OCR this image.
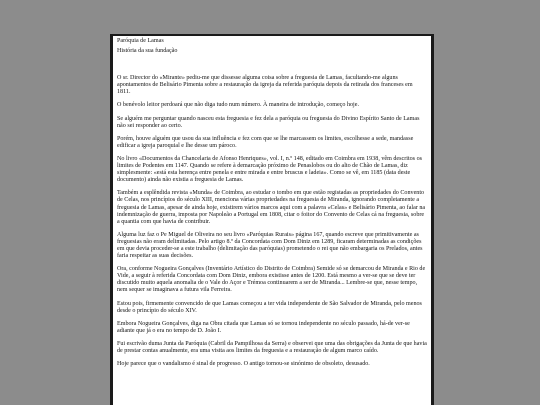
Paróquia de Lamas

História da sua fundação

O sr. Director do «Mirante» pediu-me que dissesse alguma coisa sobre a freguesia de Lamas, facultando-me alguns apontamentos de Belisário Pimenta sobre a restauração da igreja da referida paróquia depois da retirada dos franceses em 1811.

O benévolo leitor perdoará que não diga tudo num número. À maneira de introdução, começo hoje.

Se alguém me perguntar quando nasceu esta freguesia e fez dela a paróquia ou freguesia do Divino Espírito Santo de Lamas não sei responder ao certo.

Porém, houve alguém que usou da sua influência e fez com que se lhe marcassem os limites, escolhesse a sede, mandasse edificar a igreja paroquial e lhe desse um pároco.

No livro «Documentos da Chancelaria de Afonso Henriques», vol. I, n.º 148, editado em Coimbra em 1938, vêm descritos os limites de Podentes em 1147. Quando se refere à demarcação próximo de Penaslobos ou do alto de Chão de Lamas, diz simplesmente: «está esta herença entre penela e entre mirada e entre bruscus e ladeia». Como se vê, em 1185 (data deste documento) ainda não existia a freguesia de Lamas.

Também a esplêndida revista «Munda» de Coimbra, ao estudar o tombo em que estão registadas as propriedades do Convento de Celas, nos princípios do século XIII, menciona várias propriedades na freguesia de Miranda, ignorando completamente a freguesia de Lamas, apesar de ainda hoje, existirem vários marcos aqui com a palavra «Celas» e Belisário Pimenta, ao falar na indemnização de guerra, imposta por Napoleão a Portugal em 1808, citar o foitor do Convento de Celas cá na freguesia, sobre a quantia com que havia de contribuir.

Alguma luz faz o Pe Miguel de Oliveira no seu livro «Paróquias Rurais» página 167, quando escreve que primitivamente as freguesias não eram delimitadas. Pelo artigo 8.º da Concordata com Dom Diniz em 1289, ficaram determinadas as condições em que devia proceder-se a este trabalho (delimitação das paróquias) prometendo o rei que não embargaria os Prelados, antes faria respeitar as suas decisões.

Ora, conforme Nogueira Gonçalves (Inventário Artístico do Distrito de Coimbra) Semide só se demarcou de Miranda e Rio de Vide, a seguir à referida Concordata com Dom Diniz, embora existisse antes de 1200. Está mesmo a ver-se que se deve ter discutido muito aquela anomalia de o Vale do Açor e Trémoa continuarem a ser de Miranda... Lembre-se que, nesse tempo, nem sequer se imaginava a futura vila Ferreira.

Estou pois, firmemente convencido de que Lamas começou a ter vida independente de São Salvador de Miranda, pelo menos desde o princípio do século XIV.

Embora Nogueira Gonçalves, diga na Obra citada que Lamas só se tornou independente no século passado, há-de ver-se adiante que já o era no tempo de D. João I.

Fui escrivão duma Junta da Paróquia (Cabril da Pampilhosa da Serra) e observei que uma das obrigações da Junta de que havia de prestar contas anualmente, era uma visita aos limites da freguesia e a restauração de algum marco caído.

Hoje parece que o vandalismo é sinal de progresso. O antigo tornou-se sinónimo de obsoleto, desusado.
